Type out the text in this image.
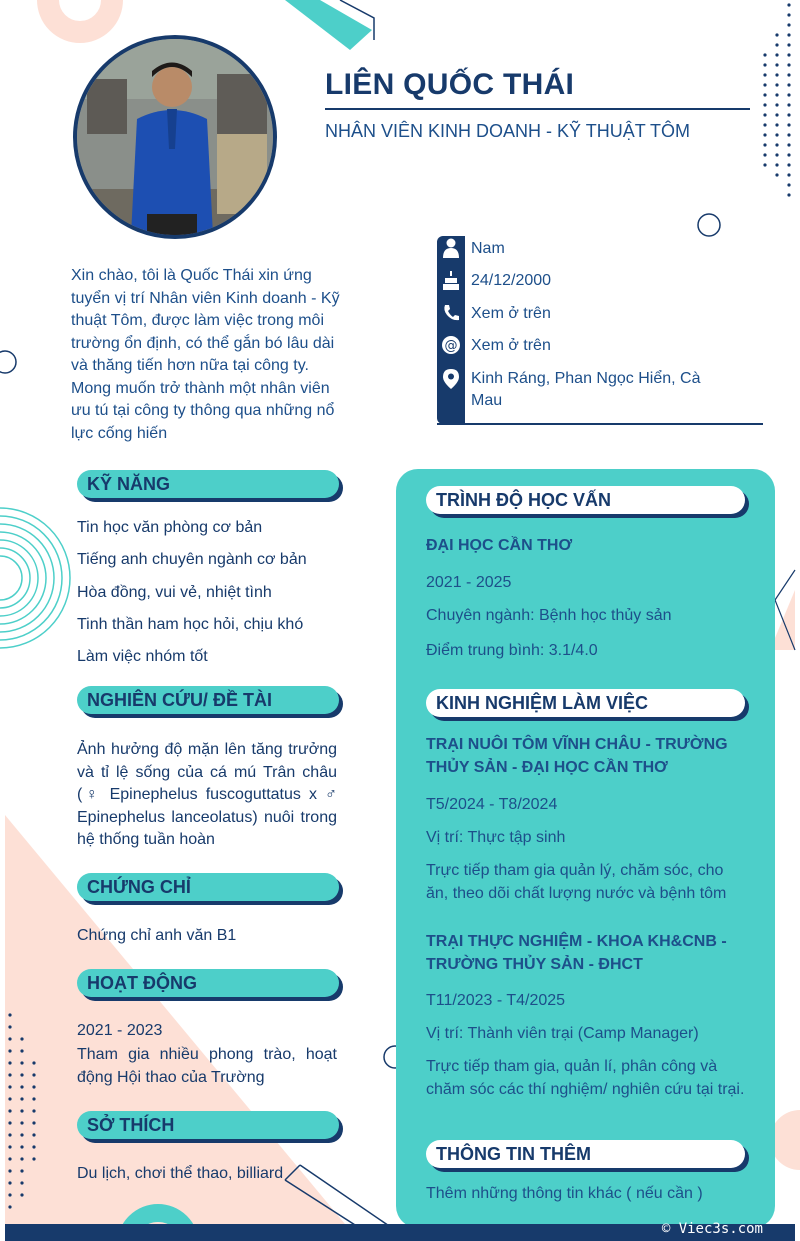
LIÊN QUỐC THÁI
NHÂN VIÊN KINH DOANH - KỸ THUẬT TÔM
Xin chào, tôi là Quốc Thái xin ứng tuyển vị trí Nhân viên Kinh doanh - Kỹ thuật Tôm, được làm việc trong môi trường ổn định, có thể gắn bó lâu dài và thăng tiến hơn nữa tại công ty. Mong muốn trở thành một nhân viên ưu tú tại công ty thông qua những nổ lực cống hiến
Nam
24/12/2000
Xem ở trên
@ Xem ở trên
Kinh Ráng, Phan Ngọc Hiển, Cà Mau
KỸ NĂNG
Tin học văn phòng cơ bản
Tiếng anh chuyên ngành cơ bản
Hòa đồng, vui vẻ, nhiệt tình
Tinh thần ham học hỏi, chịu khó
Làm việc nhóm tốt
NGHIÊN CỨU/ ĐỀ TÀI
Ảnh hưởng độ mặn lên tăng trưởng và tỉ lệ sống của cá mú Trân châu (♀ Epinephelus fuscoguttatus x ♂ Epinephelus lanceolatus) nuôi trong hệ thống tuần hoàn
CHỨNG CHỈ
Chứng chỉ anh văn B1
HOẠT ĐỘNG
2021 - 2023
Tham gia nhiều phong trào, hoạt động Hội thao của Trường
SỞ THÍCH
Du lịch, chơi thể thao, billiard
TRÌNH ĐỘ HỌC VẤN
ĐẠI HỌC CẦN THƠ
2021 - 2025
Chuyên ngành: Bệnh học thủy sản
Điểm trung bình: 3.1/4.0
KINH NGHIỆM LÀM VIỆC
TRẠI NUÔI TÔM VĨNH CHÂU - TRƯỜNG THỦY SẢN - ĐẠI HỌC CẦN THƠ
T5/2024 - T8/2024
Vị trí: Thực tập sinh
Trực tiếp tham gia quản lý, chăm sóc, cho ăn, theo dõi chất lượng nước và bệnh tôm
TRẠI THỰC NGHIỆM - KHOA KH&CNB - TRƯỜNG THỦY SẢN - ĐHCT
T11/2023 - T4/2025
Vị trí: Thành viên trại (Camp Manager)
Trực tiếp tham gia, quản lí, phân công và chăm sóc các thí nghiệm/ nghiên cứu tại trại.
THÔNG TIN THÊM
Thêm những thông tin khác ( nếu cần )
© Viec3s.com
